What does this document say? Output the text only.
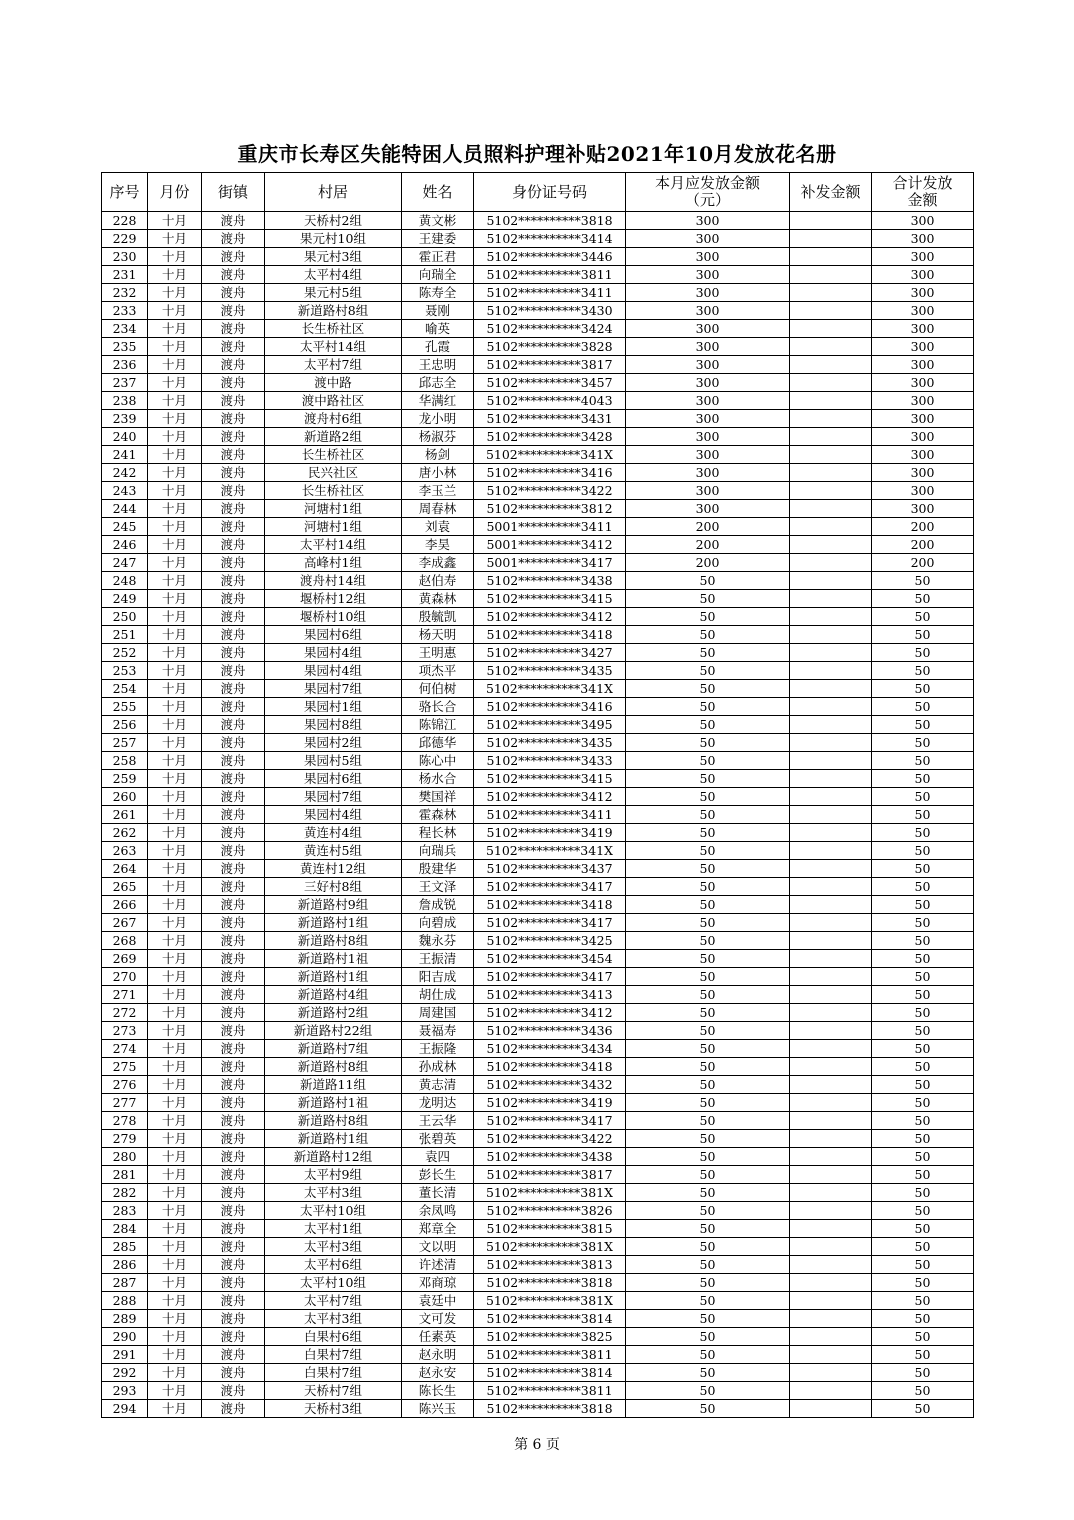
重庆市长寿区失能特困人员照料护理补贴2021年10月发放花名册
序号	月份	街镇	村居	姓名	身份证号码	本月应发放金额
（元）	补发金额	合计发放
金额
228	十月	渡舟	天桥村2组	黄文彬	5102**********3818	300		300
229	十月	渡舟	果元村10组	王建委	5102**********3414	300		300
230	十月	渡舟	果元村3组	霍正君	5102**********3446	300		300
231	十月	渡舟	太平村4组	向瑞全	5102**********3811	300		300
232	十月	渡舟	果元村5组	陈寿全	5102**********3411	300		300
233	十月	渡舟	新道路村8组	聂刚	5102**********3430	300		300
234	十月	渡舟	长生桥社区	喻英	5102**********3424	300		300
235	十月	渡舟	太平村14组	孔霞	5102**********3828	300		300
236	十月	渡舟	太平村7组	王忠明	5102**********3817	300		300
237	十月	渡舟	渡中路	邱志全	5102**********3457	300		300
238	十月	渡舟	渡中路社区	华满红	5102**********4043	300		300
239	十月	渡舟	渡舟村6组	龙小明	5102**********3431	300		300
240	十月	渡舟	新道路2组	杨淑芬	5102**********3428	300		300
241	十月	渡舟	长生桥社区	杨剑	5102**********341X	300		300
242	十月	渡舟	民兴社区	唐小林	5102**********3416	300		300
243	十月	渡舟	长生桥社区	李玉兰	5102**********3422	300		300
244	十月	渡舟	河塘村1组	周春林	5102**********3812	300		300
245	十月	渡舟	河塘村1组	刘袁	5001**********3411	200		200
246	十月	渡舟	太平村14组	李昊	5001**********3412	200		200
247	十月	渡舟	高峰村1组	李成鑫	5001**********3417	200		200
248	十月	渡舟	渡舟村14组	赵伯寿	5102**********3438	50		50
249	十月	渡舟	堰桥村12组	黄森林	5102**********3415	50		50
250	十月	渡舟	堰桥村10组	殷毓凯	5102**********3412	50		50
251	十月	渡舟	果园村6组	杨天明	5102**********3418	50		50
252	十月	渡舟	果园村4组	王明惠	5102**********3427	50		50
253	十月	渡舟	果园村4组	项杰平	5102**********3435	50		50
254	十月	渡舟	果园村7组	何伯树	5102**********341X	50		50
255	十月	渡舟	果园村1组	骆长合	5102**********3416	50		50
256	十月	渡舟	果园村8组	陈锦江	5102**********3495	50		50
257	十月	渡舟	果园村2组	邱德华	5102**********3435	50		50
258	十月	渡舟	果园村5组	陈心中	5102**********3433	50		50
259	十月	渡舟	果园村6组	杨水合	5102**********3415	50		50
260	十月	渡舟	果园村7组	樊国祥	5102**********3412	50		50
261	十月	渡舟	果园村4组	霍森林	5102**********3411	50		50
262	十月	渡舟	黄连村4组	程长林	5102**********3419	50		50
263	十月	渡舟	黄连村5组	向瑞兵	5102**********341X	50		50
264	十月	渡舟	黄连村12组	殷建华	5102**********3437	50		50
265	十月	渡舟	三好村8组	王文泽	5102**********3417	50		50
266	十月	渡舟	新道路村9组	詹成锐	5102**********3418	50		50
267	十月	渡舟	新道路村1组	向碧成	5102**********3417	50		50
268	十月	渡舟	新道路村8组	魏永芬	5102**********3425	50		50
269	十月	渡舟	新道路村1祖	王振清	5102**********3454	50		50
270	十月	渡舟	新道路村1组	阳吉成	5102**********3417	50		50
271	十月	渡舟	新道路村4组	胡仕成	5102**********3413	50		50
272	十月	渡舟	新道路村2组	周建国	5102**********3412	50		50
273	十月	渡舟	新道路村22组	聂福寿	5102**********3436	50		50
274	十月	渡舟	新道路村7组	王振隆	5102**********3434	50		50
275	十月	渡舟	新道路村8组	孙成林	5102**********3418	50		50
276	十月	渡舟	新道路11组	黄志清	5102**********3432	50		50
277	十月	渡舟	新道路村1祖	龙明达	5102**********3419	50		50
278	十月	渡舟	新道路村8组	王云华	5102**********3417	50		50
279	十月	渡舟	新道路村1组	张碧英	5102**********3422	50		50
280	十月	渡舟	新道路村12组	袁四	5102**********3438	50		50
281	十月	渡舟	太平村9组	彭长生	5102**********3817	50		50
282	十月	渡舟	太平村3组	董长清	5102**********381X	50		50
283	十月	渡舟	太平村10组	余凤鸣	5102**********3826	50		50
284	十月	渡舟	太平村1组	郑章全	5102**********3815	50		50
285	十月	渡舟	太平村3组	文以明	5102**********381X	50		50
286	十月	渡舟	太平村6组	许述清	5102**********3813	50		50
287	十月	渡舟	太平村10组	邓商琼	5102**********3818	50		50
288	十月	渡舟	太平村7组	袁廷中	5102**********381X	50		50
289	十月	渡舟	太平村3组	文可发	5102**********3814	50		50
290	十月	渡舟	白果村6组	任素英	5102**********3825	50		50
291	十月	渡舟	白果村7组	赵永明	5102**********3811	50		50
292	十月	渡舟	白果村7组	赵永安	5102**********3814	50		50
293	十月	渡舟	天桥村7组	陈长生	5102**********3811	50		50
294	十月	渡舟	天桥村3组	陈兴玉	5102**********3818	50		50
第 6 页
